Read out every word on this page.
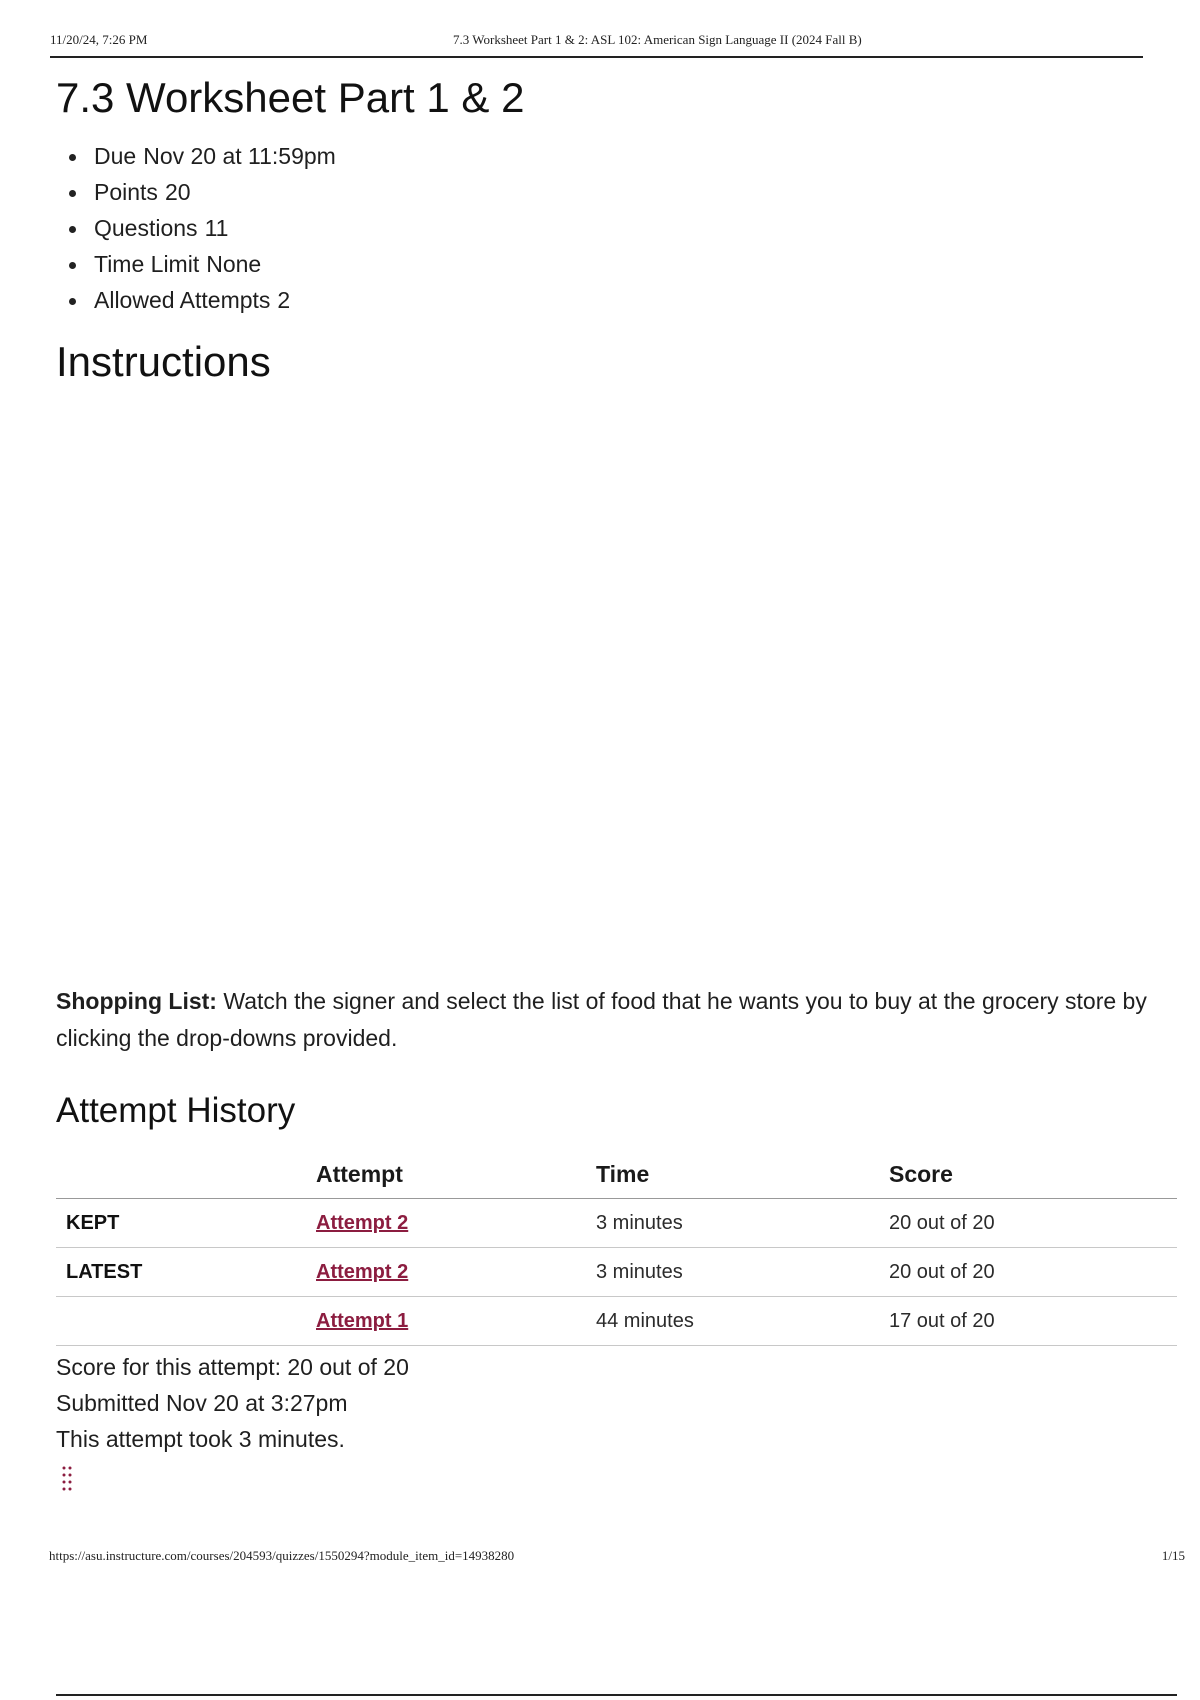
11/20/24, 7:26 PM	7.3 Worksheet Part 1 & 2: ASL 102: American Sign Language II (2024 Fall B)
7.3 Worksheet Part 1 & 2
Due Nov 20 at 11:59pm
Points 20
Questions 11
Time Limit None
Allowed Attempts 2
Instructions

Shopping List: Watch the signer and select the list of food that he wants you to buy at the grocery store by clicking the drop-downs provided.

Attempt History
	Attempt	Time	Score
KEPT	Attempt 2	3 minutes	20 out of 20
LATEST	Attempt 2	3 minutes	20 out of 20
	Attempt 1	44 minutes	17 out of 20
Score for this attempt: 20 out of 20
Submitted Nov 20 at 3:27pm
This attempt took 3 minutes.
https://asu.instructure.com/courses/204593/quizzes/1550294?module_item_id=14938280	1/15
